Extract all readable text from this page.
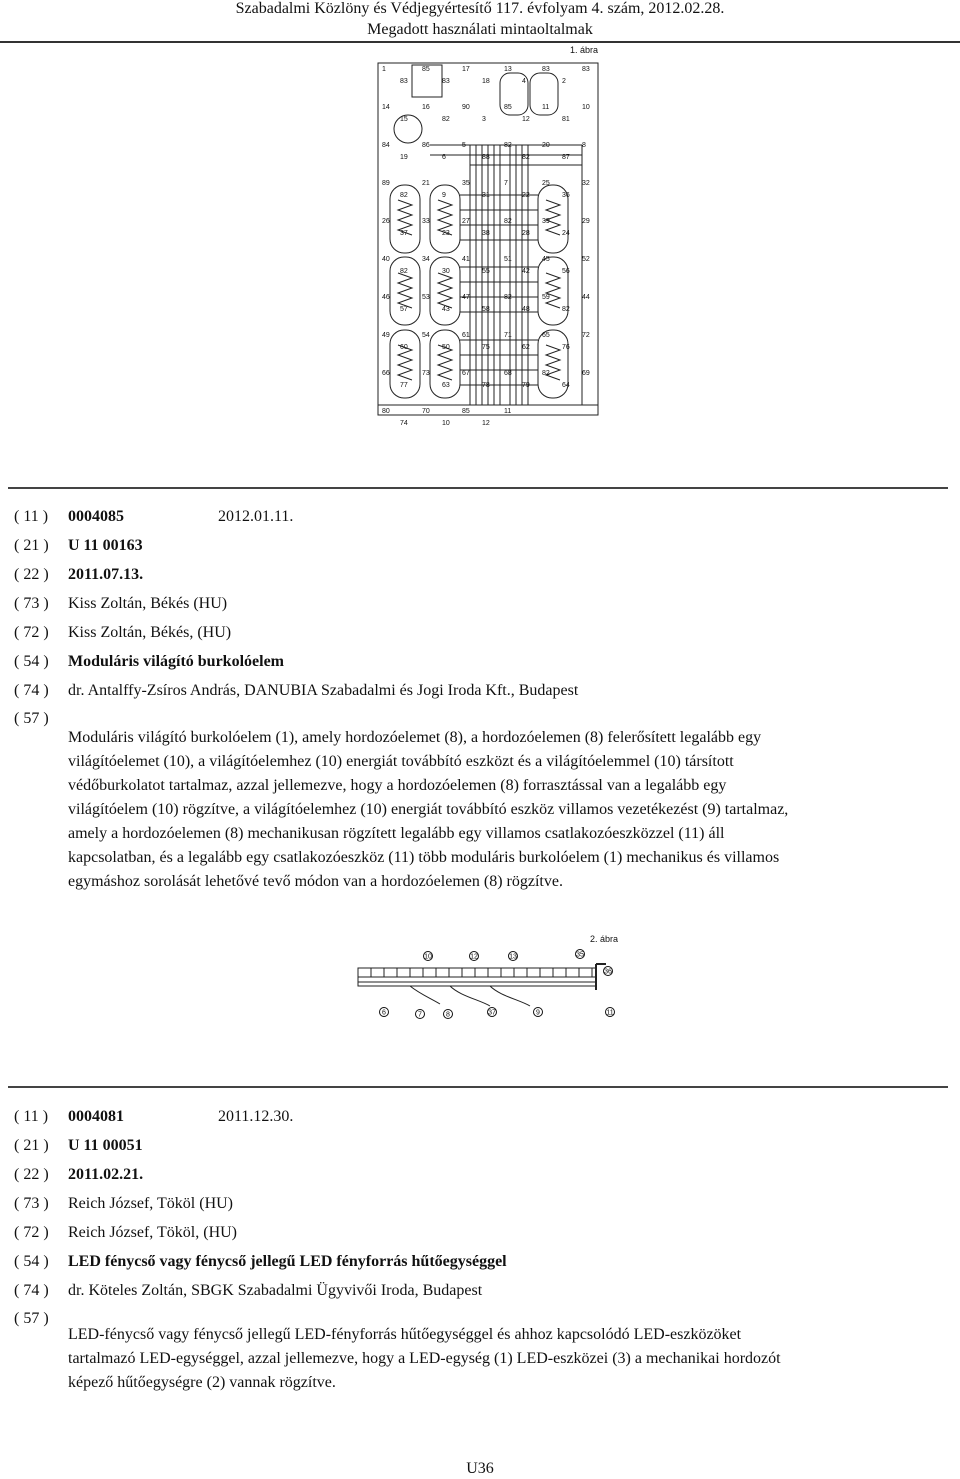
Szabadalmi Közlöny és Védjegyértesítő 117. évfolyam 4. szám, 2012.02.28.
Megadott használati mintaoltalmak
1. ábra
1
83
85
83
17
18
13
4
83
2
83
14
15
16
82
90
3
85
12
11
81
10
84
19
86
6
5
88
82
82
20
87
8
89
82
21
9
35
31
7
22
25
36
32
26
37
33
23
27
38
82
28
39
24
29
40
82
34
30
41
55
51
42
45
56
52
46
57
53
43
47
58
82
48
59
82
44
49
60
54
50
61
75
71
62
65
76
72
66
77
73
63
67
78
68
79
82
64
69
80
74
70
10
85
12
11
( 11 ) 0004085	2012.01.11.
( 21 ) U 11 00163
( 22 ) 2011.07.13.
( 73 ) Kiss Zoltán, Békés (HU)
( 72 ) Kiss Zoltán, Békés, (HU)
( 54 ) Moduláris világító burkolóelem
( 74 ) dr. Antalffy-Zsíros András, DANUBIA Szabadalmi és Jogi Iroda Kft., Budapest
( 57 )
Moduláris világító burkolóelem (1), amely hordozóelemet (8), a hordozóelemen (8) felerősített legalább egy
világítóelemet (10), a világítóelemhez (10) energiát továbbító eszközt és a világítóelemmel (10) társított
védőburkolatot tartalmaz, azzal jellemezve, hogy a hordozóelemen (8) forrasztással van a legalább egy
világítóelem (10) rögzítve, a világítóelemhez (10) energiát továbbító eszköz villamos vezetékezést (9) tartalmaz,
amely a hordozóelemen (8) mechanikusan rögzített legalább egy villamos csatlakozóeszközzel (11) áll
kapcsolatban, és a legalább egy csatlakozóeszköz (11) több moduláris burkolóelem (1) mechanikus és villamos
egymáshoz sorolását lehetővé tevő módon van a hordozóelemen (8) rögzítve.
2. ábra
10	12	13	35
36
6	7	8	37	9	11
( 11 ) 0004081	2011.12.30.
( 21 ) U 11 00051
( 22 ) 2011.02.21.
( 73 ) Reich József, Tököl (HU)
( 72 ) Reich József, Tököl, (HU)
( 54 ) LED fénycső vagy fénycső jellegű LED fényforrás hűtőegységgel
( 74 ) dr. Köteles Zoltán, SBGK Szabadalmi Ügyvivői Iroda, Budapest
( 57 )
LED-fénycső vagy fénycső jellegű LED-fényforrás hűtőegységgel és ahhoz kapcsolódó LED-eszközöket
tartalmazó LED-egységgel, azzal jellemezve, hogy a LED-egység (1) LED-eszközei (3) a mechanikai hordozót
képező hűtőegységre (2) vannak rögzítve.
U36
